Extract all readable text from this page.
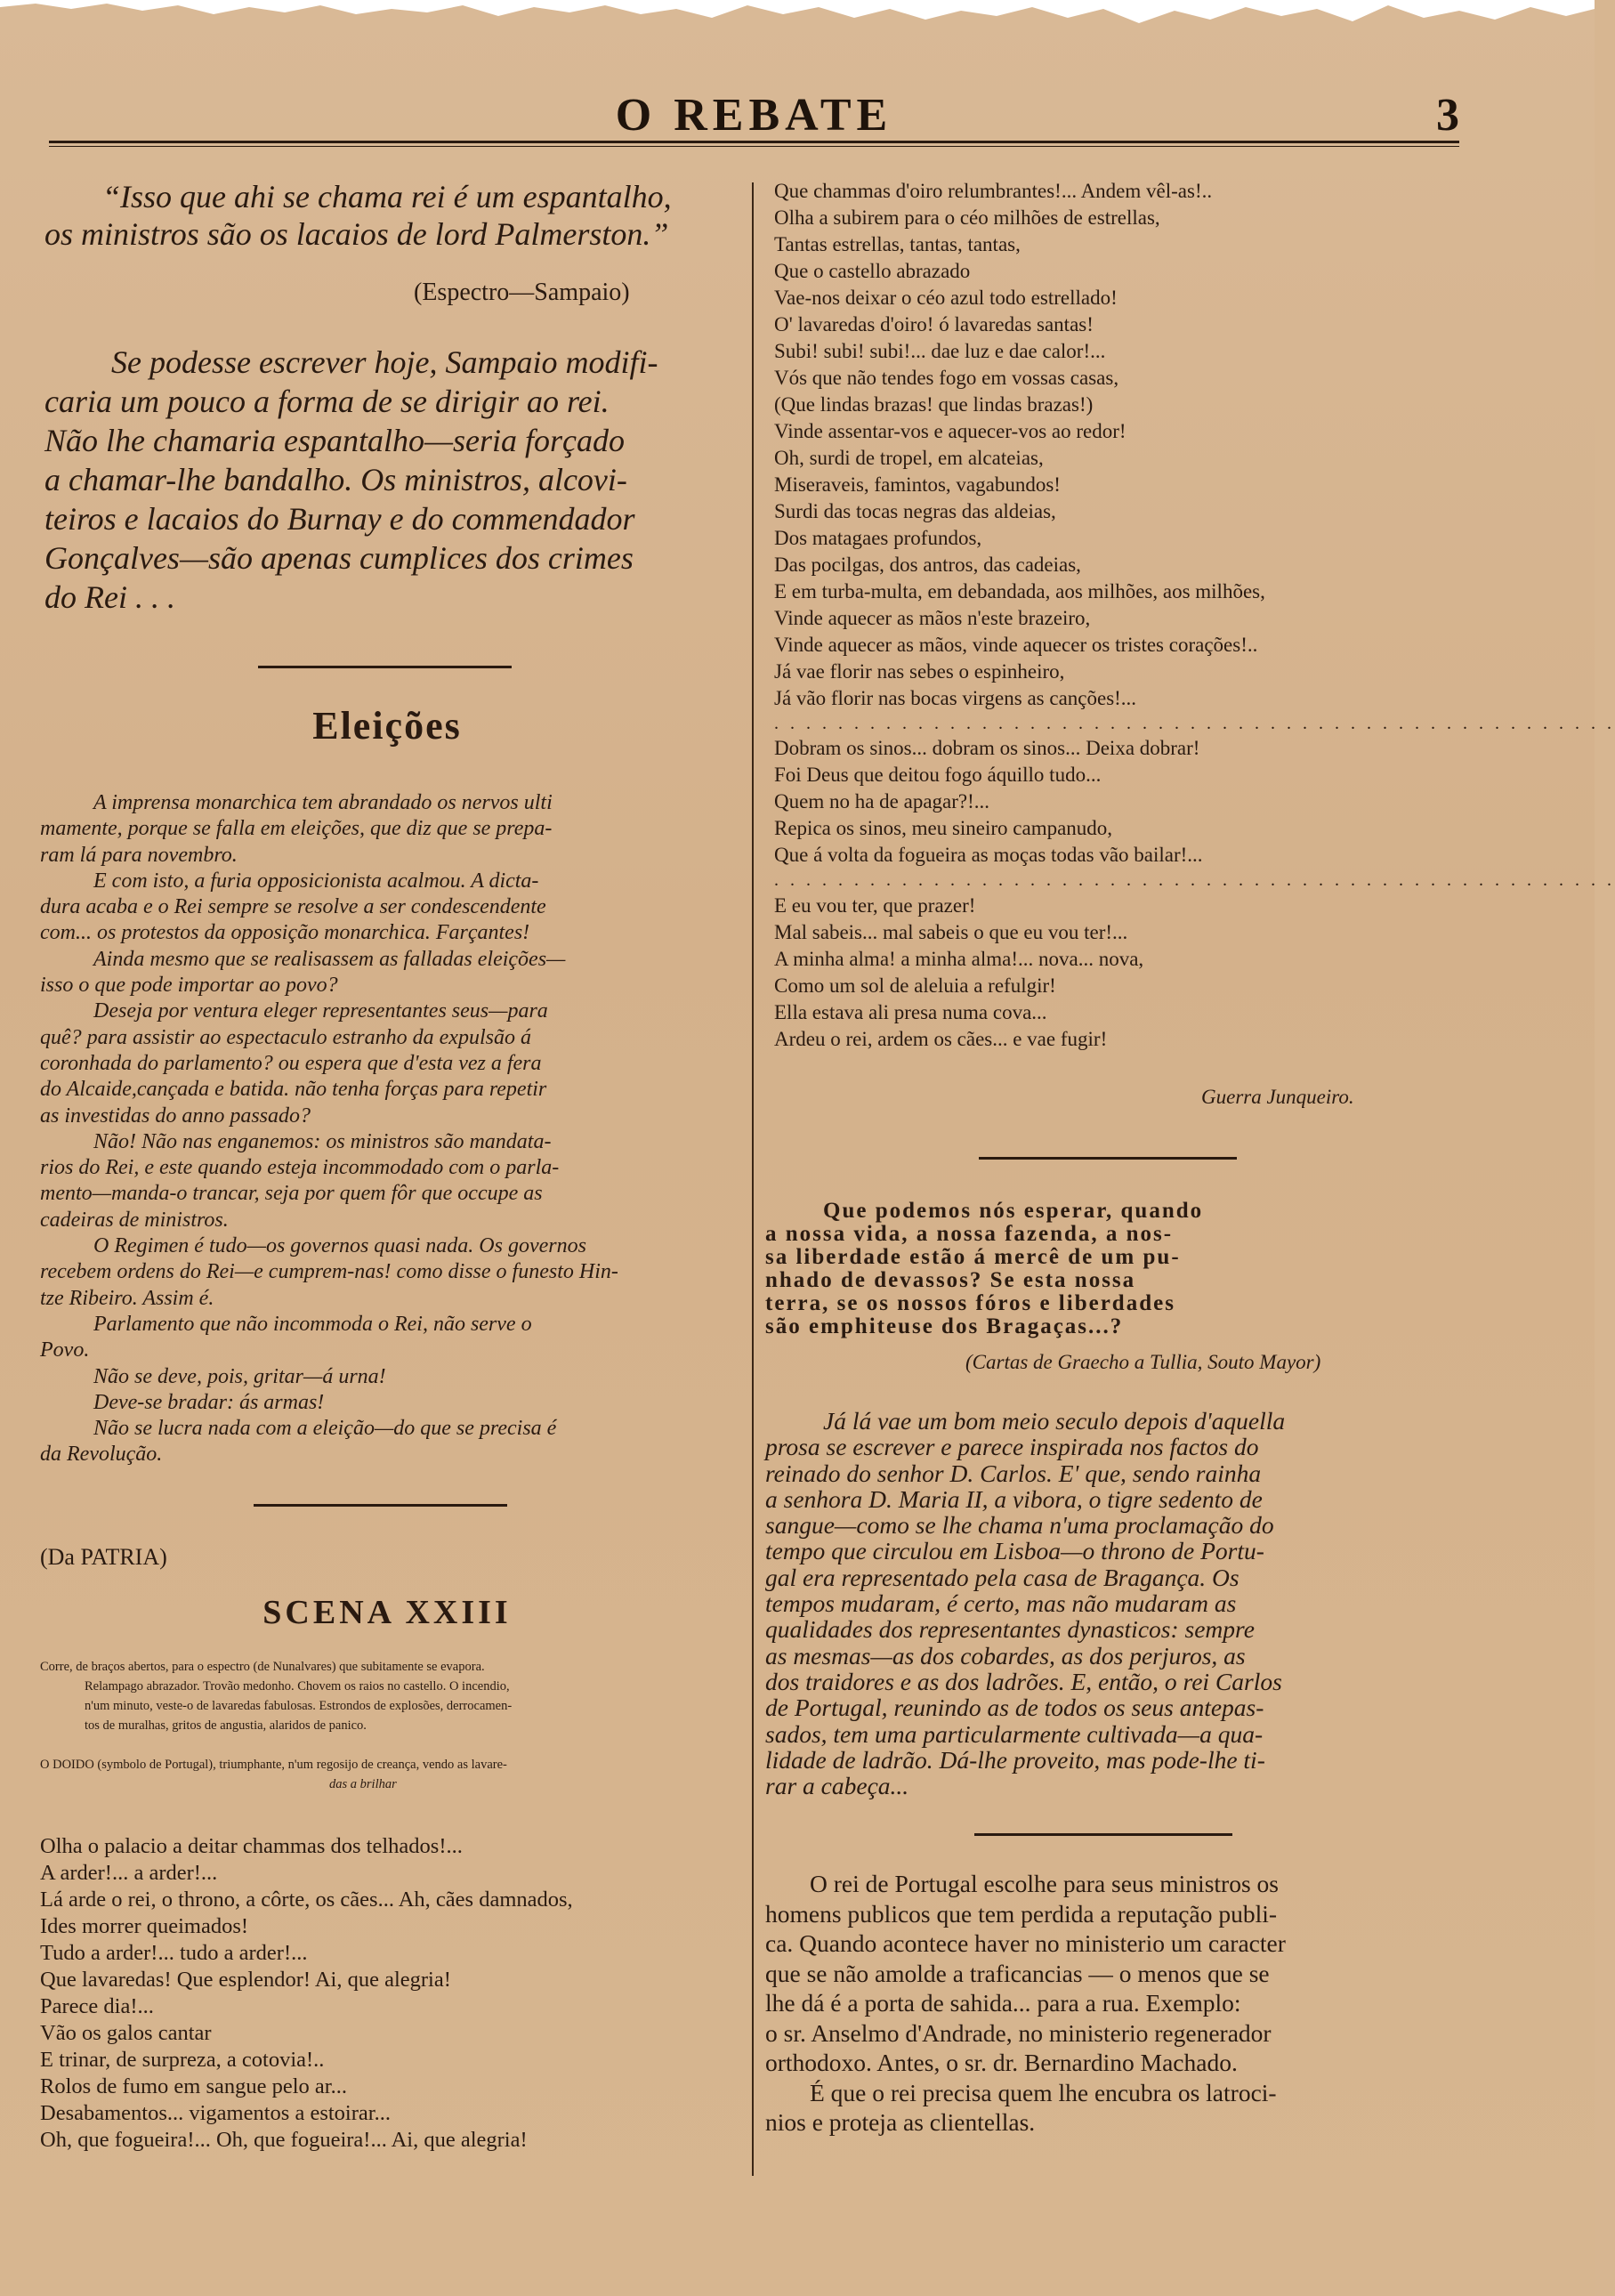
O REBATE	3
“Isso que ahi se chama rei é um espantalho,
os ministros são os lacaios de lord Palmerston.”
(Espectro—Sampaio)
Se podesse escrever hoje, Sampaio modifi-
caria um pouco a forma de se dirigir ao rei.
Não lhe chamaria espantalho—seria forçado
a chamar-lhe bandalho. Os ministros, alcovi-
teiros e lacaios do Burnay e do commendador
Gonçalves—são apenas cumplices dos crimes
do Rei . . .
Eleições
A imprensa monarchica tem abrandado os nervos ulti
mamente, porque se falla em eleições, que diz que se prepa-
ram lá para novembro.
E com isto, a furia opposicionista acalmou. A dicta-
dura acaba e o Rei sempre se resolve a ser condescendente
com... os protestos da opposição monarchica. Farçantes!
Ainda mesmo que se realisassem as falladas eleições—
isso o que pode importar ao povo?
Deseja por ventura eleger representantes seus—para
quê? para assistir ao espectaculo estranho da expulsão á
coronhada do parlamento? ou espera que d'esta vez a fera
do Alcaide,cançada e batida. não tenha forças para repetir
as investidas do anno passado?
Não! Não nas enganemos: os ministros são mandata-
rios do Rei, e este quando esteja incommodado com o parla-
mento—manda-o trancar, seja por quem fôr que occupe as
cadeiras de ministros.
O Regimen é tudo—os governos quasi nada. Os governos
recebem ordens do Rei—e cumprem-nas! como disse o funesto Hin-
tze Ribeiro. Assim é.
Parlamento que não incommoda o Rei, não serve o
Povo.
Não se deve, pois, gritar—á urna!
Deve-se bradar: ás armas!
Não se lucra nada com a eleição—do que se precisa é
da Revolução.
(Da PATRIA)
SCENA XXIII
Corre, de braços abertos, para o espectro (de Nunalvares) que subitamente se evapora.
Relampago abrazador. Trovão medonho. Chovem os raios no castello. O incendio,
n'um minuto, veste-o de lavaredas fabulosas. Estrondos de explosões, derrocamen-
tos de muralhas, gritos de angustia, alaridos de panico.
O DOIDO (symbolo de Portugal), triumphante, n'um regosijo de creança, vendo as lavare-
das a brilhar
Olha o palacio a deitar chammas dos telhados!...
A arder!... a arder!...
Lá arde o rei, o throno, a côrte, os cães... Ah, cães damnados,
Ides morrer queimados!
Tudo a arder!... tudo a arder!...
Que lavaredas! Que esplendor! Ai, que alegria!
Parece dia!...
Vão os galos cantar
E trinar, de surpreza, a cotovia!..
Rolos de fumo em sangue pelo ar...
Desabamentos... vigamentos a estoirar...
Oh, que fogueira!... Oh, que fogueira!... Ai, que alegria!
Que chammas d'oiro relumbrantes!... Andem vêl-as!..
Olha a subirem para o céo milhões de estrellas,
Tantas estrellas, tantas, tantas,
Que o castello abrazado
Vae-nos deixar o céo azul todo estrellado!
O' lavaredas d'oiro! ó lavaredas santas!
Subi! subi! subi!... dae luz e dae calor!...
Vós que não tendes fogo em vossas casas,
(Que lindas brazas! que lindas brazas!)
Vinde assentar-vos e aquecer-vos ao redor!
Oh, surdi de tropel, em alcateias,
Miseraveis, famintos, vagabundos!
Surdi das tocas negras das aldeias,
Dos matagaes profundos,
Das pocilgas, dos antros, das cadeias,
E em turba-multa, em debandada, aos milhões, aos milhões,
Vinde aquecer as mãos n'este brazeiro,
Vinde aquecer as mãos, vinde aquecer os tristes corações!..
Já vae florir nas sebes o espinheiro,
Já vão florir nas bocas virgens as canções!...
. . . . . . . . . . . . . . . . . . . . . . . . . . . . . . . . . . . . . . . . . . . . . . . . . . . . .
Dobram os sinos... dobram os sinos... Deixa dobrar!
Foi Deus que deitou fogo áquillo tudo...
Quem no ha de apagar?!...
Repica os sinos, meu sineiro campanudo,
Que á volta da fogueira as moças todas vão bailar!...
. . . . . . . . . . . . . . . . . . . . . . . . . . . . . . . . . . . . . . . . . . . . . . . . . . . . .
E eu vou ter, que prazer!
Mal sabeis... mal sabeis o que eu vou ter!...
A minha alma! a minha alma!... nova... nova,
Como um sol de aleluia a refulgir!
Ella estava ali presa numa cova...
Ardeu o rei, ardem os cães... e vae fugir!
Guerra Junqueiro.
Que podemos nós esperar, quando
a nossa vida, a nossa fazenda, a nos-
sa liberdade estão á mercê de um pu-
nhado de devassos? Se esta nossa
terra, se os nossos fóros e liberdades
são emphiteuse dos Bragaças...?
(Cartas de Graecho a Tullia, Souto Mayor)
Já lá vae um bom meio seculo depois d'aquella
prosa se escrever e parece inspirada nos factos do
reinado do senhor D. Carlos. E' que, sendo rainha
a senhora D. Maria II, a vibora, o tigre sedento de
sangue—como se lhe chama n'uma proclamação do
tempo que circulou em Lisboa—o throno de Portu-
gal era representado pela casa de Bragança. Os
tempos mudaram, é certo, mas não mudaram as
qualidades dos representantes dynasticos: sempre
as mesmas—as dos cobardes, as dos perjuros, as
dos traidores e as dos ladrões. E, então, o rei Carlos
de Portugal, reunindo as de todos os seus antepas-
sados, tem uma particularmente cultivada—a qua-
lidade de ladrão. Dá-lhe proveito, mas pode-lhe ti-
rar a cabeça...
O rei de Portugal escolhe para seus ministros os
homens publicos que tem perdida a reputação publi-
ca. Quando acontece haver no ministerio um caracter
que se não amolde a traficancias — o menos que se
lhe dá é a porta de sahida... para a rua. Exemplo:
o sr. Anselmo d'Andrade, no ministerio regenerador
orthodoxo. Antes, o sr. dr. Bernardino Machado.
É que o rei precisa quem lhe encubra os latroci-
nios e proteja as clientellas.
